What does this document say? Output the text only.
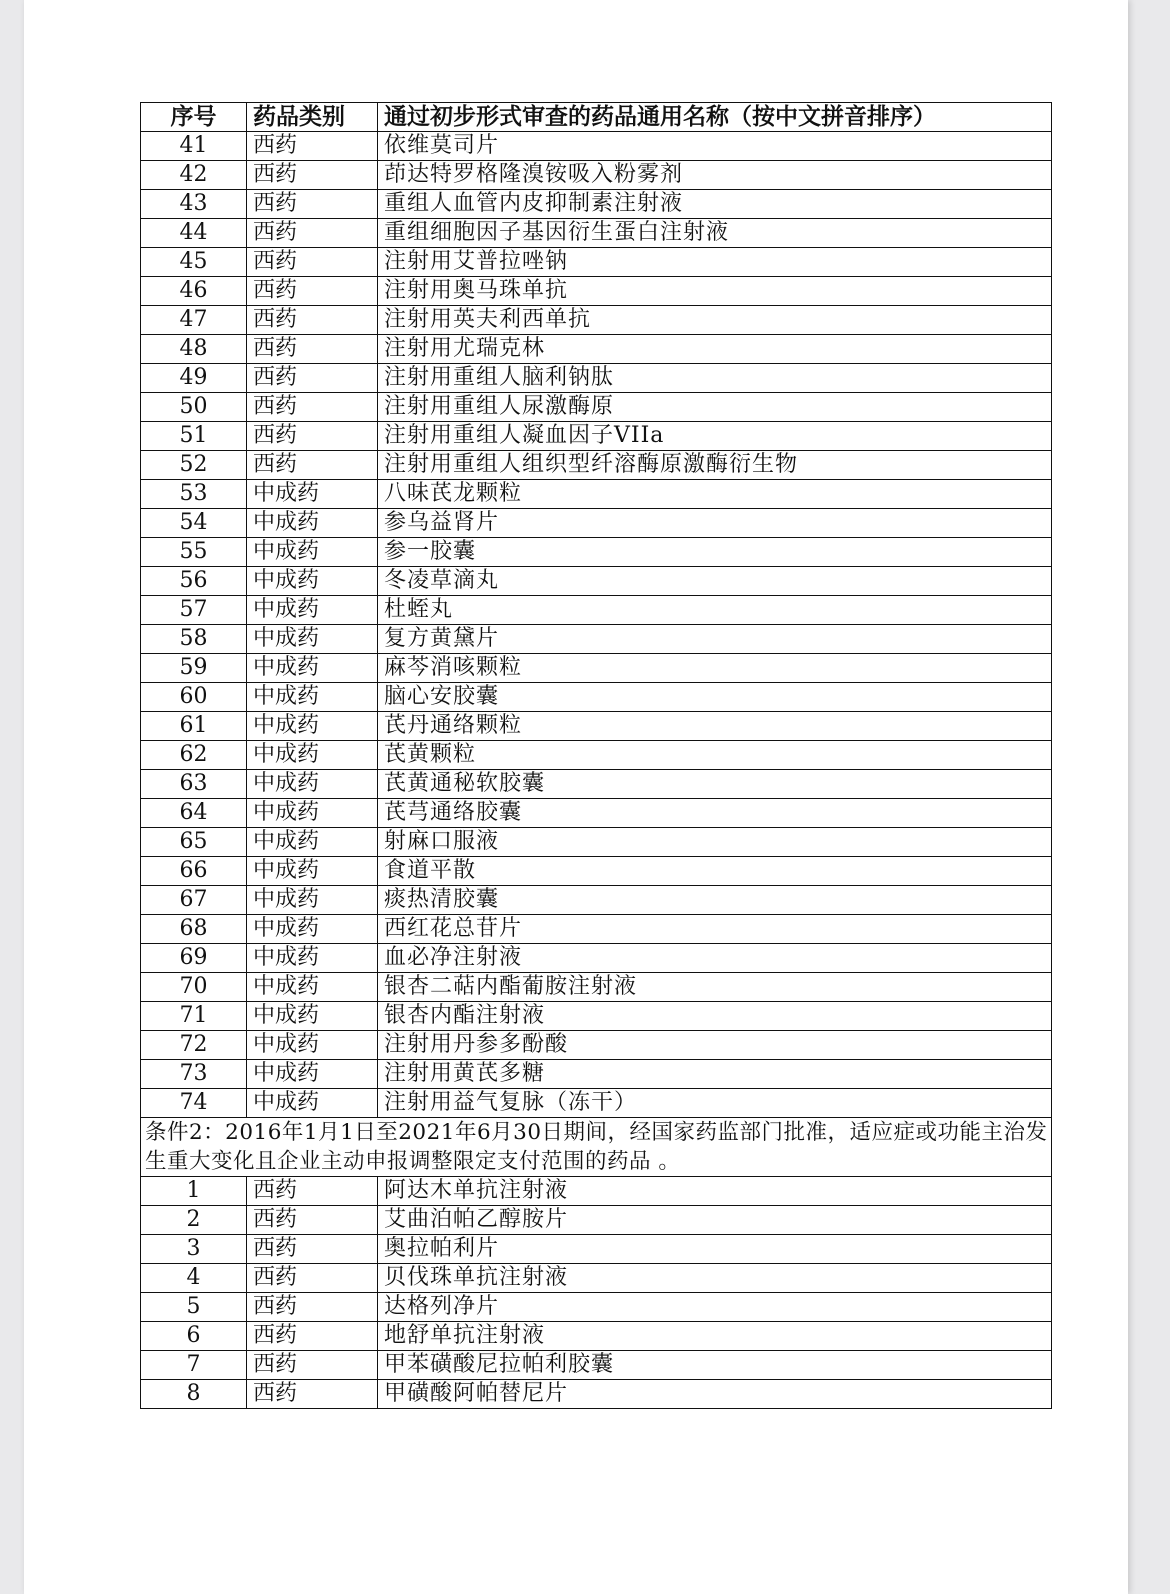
序号	药品类别	通过初步形式审查的药品通用名称（按中文拼音排序）
41	西药	依维莫司片
42	西药	茚达特罗格隆溴铵吸入粉雾剂
43	西药	重组人血管内皮抑制素注射液
44	西药	重组细胞因子基因衍生蛋白注射液
45	西药	注射用艾普拉唑钠
46	西药	注射用奥马珠单抗
47	西药	注射用英夫利西单抗
48	西药	注射用尤瑞克林
49	西药	注射用重组人脑利钠肽
50	西药	注射用重组人尿激酶原
51	西药	注射用重组人凝血因子VIIa
52	西药	注射用重组人组织型纤溶酶原激酶衍生物
53	中成药	八味芪龙颗粒
54	中成药	参乌益肾片
55	中成药	参一胶囊
56	中成药	冬凌草滴丸
57	中成药	杜蛭丸
58	中成药	复方黄黛片
59	中成药	麻芩消咳颗粒
60	中成药	脑心安胶囊
61	中成药	芪丹通络颗粒
62	中成药	芪黄颗粒
63	中成药	芪黄通秘软胶囊
64	中成药	芪芎通络胶囊
65	中成药	射麻口服液
66	中成药	食道平散
67	中成药	痰热清胶囊
68	中成药	西红花总苷片
69	中成药	血必净注射液
70	中成药	银杏二萜内酯葡胺注射液
71	中成药	银杏内酯注射液
72	中成药	注射用丹参多酚酸
73	中成药	注射用黄芪多糖
74	中成药	注射用益气复脉（冻干）
条件2：2016年1月1日至2021年6月30日期间，经国家药监部门批准，适应症或功能主治发生重大变化且企业主动申报调整限定支付范围的药品 。		
1	西药	阿达木单抗注射液
2	西药	艾曲泊帕乙醇胺片
3	西药	奥拉帕利片
4	西药	贝伐珠单抗注射液
5	西药	达格列净片
6	西药	地舒单抗注射液
7	西药	甲苯磺酸尼拉帕利胶囊
8	西药	甲磺酸阿帕替尼片
